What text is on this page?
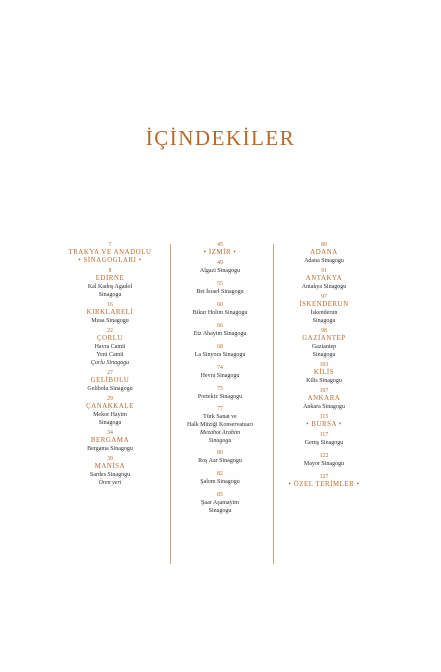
İÇİNDEKİLER
7
TRAKYA VE ANADOLU
• SİNAGOGLARI •
8
EDİRNE
Kal Kadoş Agadol
Sinagogu
16
KIRKLARELİ
Musa Sinagogu
22
ÇORLU
Havra Camii
Yeni Camii
Çorlu Sinagogu
27
GELİBOLU
Gelibolu Sinagogu
29
ÇANAKKALE
Mekor Hayim
Sinagogu
34
BERGAMA
Bergama Sinagogu
39
MANİSA
Sardes Sinagogu
Ören yeri
45
• İZMİR •
49
Algazi Sinagogu
55
Bet İsrael Sinagogu
60
Bikur Holim Sinagogu
66
Etz Ahayim Sinagogu
68
La Sinyora Sinagogu
74
Hevra Sinagogu
75
Portekiz Sinagogu
77
Türk Sanat ve
Halk Müziği Konservatuarı
Mezahot Arabim
Sinagogu
80
Roş Aar Sinagogu
82
Şalom Sinagogu
85
Şaar Aşamayim
Sinagogu
89
ADANA
Adana Sinagogu
91
ANTAKYA
Antakya Sinagogu
97
İSKENDERUN
İskenderun
Sinagogu
98
GAZİANTEP
Gaziantep
Sinagogu
103
KİLİS
Kilis Sinagogu
107
ANKARA
Ankara Sinagogu
115
• BURSA •
117
Geruş Sinagogu
122
Mayor Sinagogu
127
• ÖZEL TERİMLER •
